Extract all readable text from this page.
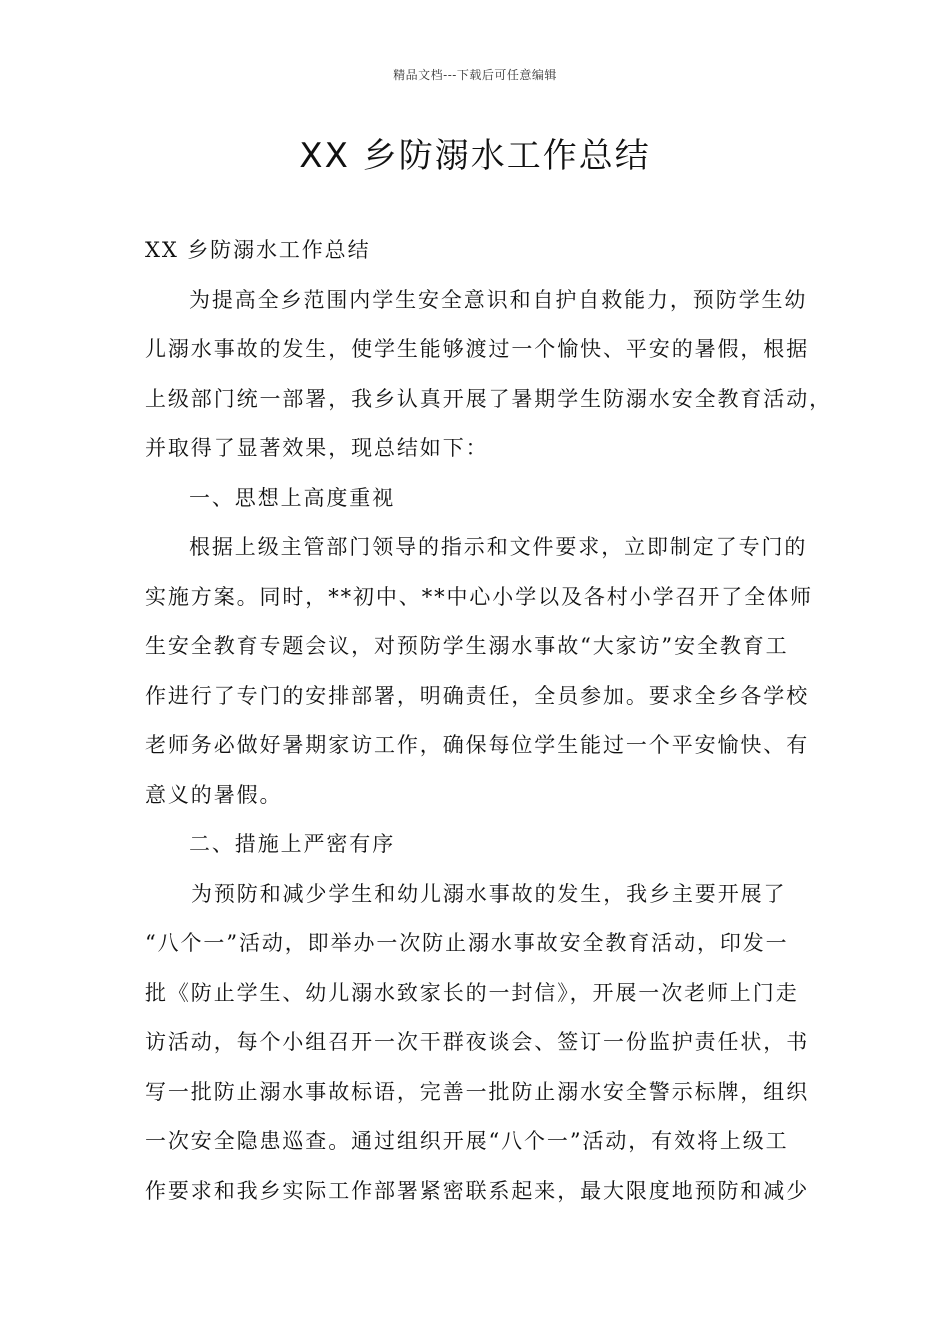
精品文档---下载后可任意编辑
XX 乡防溺水工作总结
XX 乡防溺水工作总结
为提高全乡范围内学生安全意识和自护自救能力，预防学生幼
儿溺水事故的发生，使学生能够渡过一个愉快、平安的暑假，根据
上级部门统一部署，我乡认真开展了暑期学生防溺水安全教育活动，
并取得了显著效果，现总结如下：
一、思想上高度重视
根据上级主管部门领导的指示和文件要求，立即制定了专门的
实施方案。同时，**初中、**中心小学以及各村小学召开了全体师
生安全教育专题会议，对预防学生溺水事故“大家访”安全教育工
作进行了专门的安排部署，明确责任，全员参加。要求全乡各学校
老师务必做好暑期家访工作，确保每位学生能过一个平安愉快、有
意义的暑假。
二、措施上严密有序
为预防和减少学生和幼儿溺水事故的发生，我乡主要开展了
“八个一”活动，即举办一次防止溺水事故安全教育活动，印发一
批《防止学生、幼儿溺水致家长的一封信》，开展一次老师上门走
访活动，每个小组召开一次干群夜谈会、签订一份监护责任状，书
写一批防止溺水事故标语，完善一批防止溺水安全警示标牌，组织
一次安全隐患巡查。通过组织开展“八个一”活动，有效将上级工
作要求和我乡实际工作部署紧密联系起来，最大限度地预防和减少
